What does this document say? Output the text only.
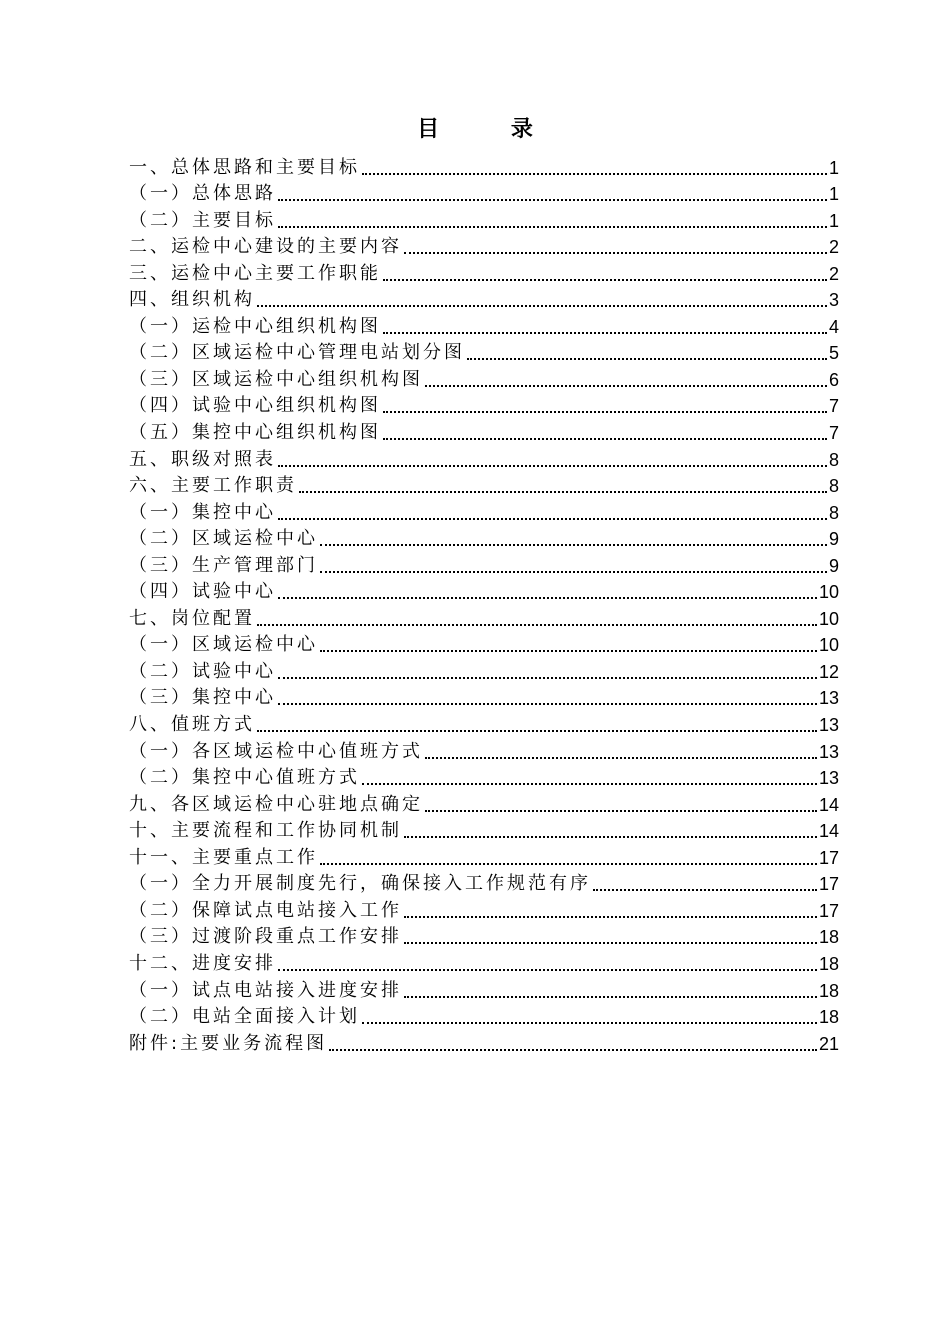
目 录
一、总体思路和主要目标	1
（一）总体思路	1
（二）主要目标	1
二、运检中心建设的主要内容	2
三、运检中心主要工作职能	2
四、组织机构	3
（一）运检中心组织机构图	4
（二）区域运检中心管理电站划分图	5
（三）区域运检中心组织机构图	6
（四）试验中心组织机构图	7
（五）集控中心组织机构图	7
五、职级对照表	8
六、主要工作职责	8
（一）集控中心	8
（二）区域运检中心	9
（三）生产管理部门	9
（四）试验中心	10
七、岗位配置	10
（一）区域运检中心	10
（二）试验中心	12
（三）集控中心	13
八、值班方式	13
（一）各区域运检中心值班方式	13
（二）集控中心值班方式	13
九、各区域运检中心驻地点确定	14
十、主要流程和工作协同机制	14
十一、主要重点工作	17
（一）全力开展制度先行，确保接入工作规范有序	17
（二）保障试点电站接入工作	17
（三）过渡阶段重点工作安排	18
十二、进度安排	18
（一）试点电站接入进度安排	18
（二）电站全面接入计划	18
附件:主要业务流程图	21
